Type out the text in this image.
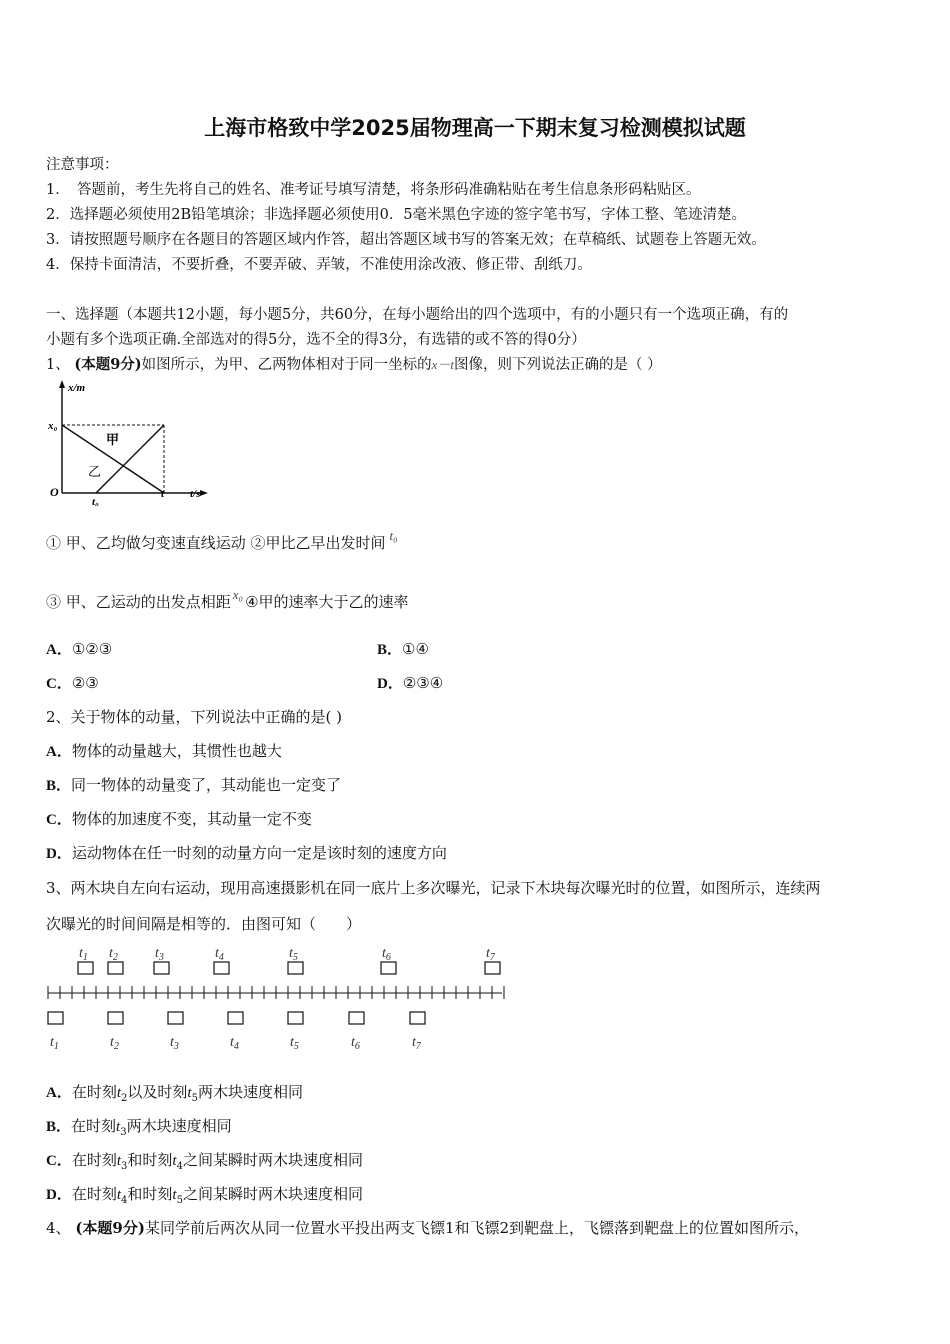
上海市格致中学2025届物理高一下期末复习检测模拟试题
注意事项：
1．　答题前，考生先将自己的姓名、准考证号填写清楚，将条形码准确粘贴在考生信息条形码粘贴区。
2．选择题必须使用2B铅笔填涂；非选择题必须使用0．5毫米黑色字迹的签字笔书写，字体工整、笔迹清楚。
3．请按照题号顺序在各题目的答题区域内作答，超出答题区域书写的答案无效；在草稿纸、试题卷上答题无效。
4．保持卡面清洁，不要折叠，不要弄破、弄皱，不准使用涂改液、修正带、刮纸刀。
一、选择题（本题共12小题，每小题5分，共60分，在每小题给出的四个选项中，有的小题只有一个选项正确，有的
小题有多个选项正确.全部选对的得5分，选不全的得3分，有选错的或不答的得0分）
1、 (本题9分)如图所示，为甲、乙两物体相对于同一坐标的x－t图像，则下列说法正确的是（ ）
x/m
x₀
甲
乙
O
t₀
t t/s
① 甲、乙均做匀变速直线运动 ②甲比乙早出发时间 t₀
③ 甲、乙运动的出发点相距 x₀ ④甲的速率大于乙的速率
A．①②③	B．①④
C．②③	D．②③④
2、关于物体的动量，下列说法中正确的是( )
A．物体的动量越大，其惯性也越大
B．同一物体的动量变了，其动能也一定变了
C．物体的加速度不变，其动量一定不变
D．运动物体在任一时刻的动量方向一定是该时刻的速度方向
3、两木块自左向右运动，现用高速摄影机在同一底片上多次曝光，记录下木块每次曝光时的位置，如图所示，连续两
次曝光的时间间隔是相等的．由图可知（　　）
$t_1$ $t_2$	$t_3$	$t_4$	$t_5$	$t_6$	$t_7$
$t_1$	$t_2$	$t_3$	$t_4$	$t_5$	$t_6$	$t_7$
A．在时刻$t_2$以及时刻$t_5$两木块速度相同
B．在时刻$t_3$两木块速度相同
C．在时刻$t_3$和时刻$t_4$之间某瞬时两木块速度相同
D．在时刻$t_4$和时刻$t_5$之间某瞬时两木块速度相同
4、 (本题9分)某同学前后两次从同一位置水平投出两支飞镖1和飞镖2到靶盘上，飞镖落到靶盘上的位置如图所示，
